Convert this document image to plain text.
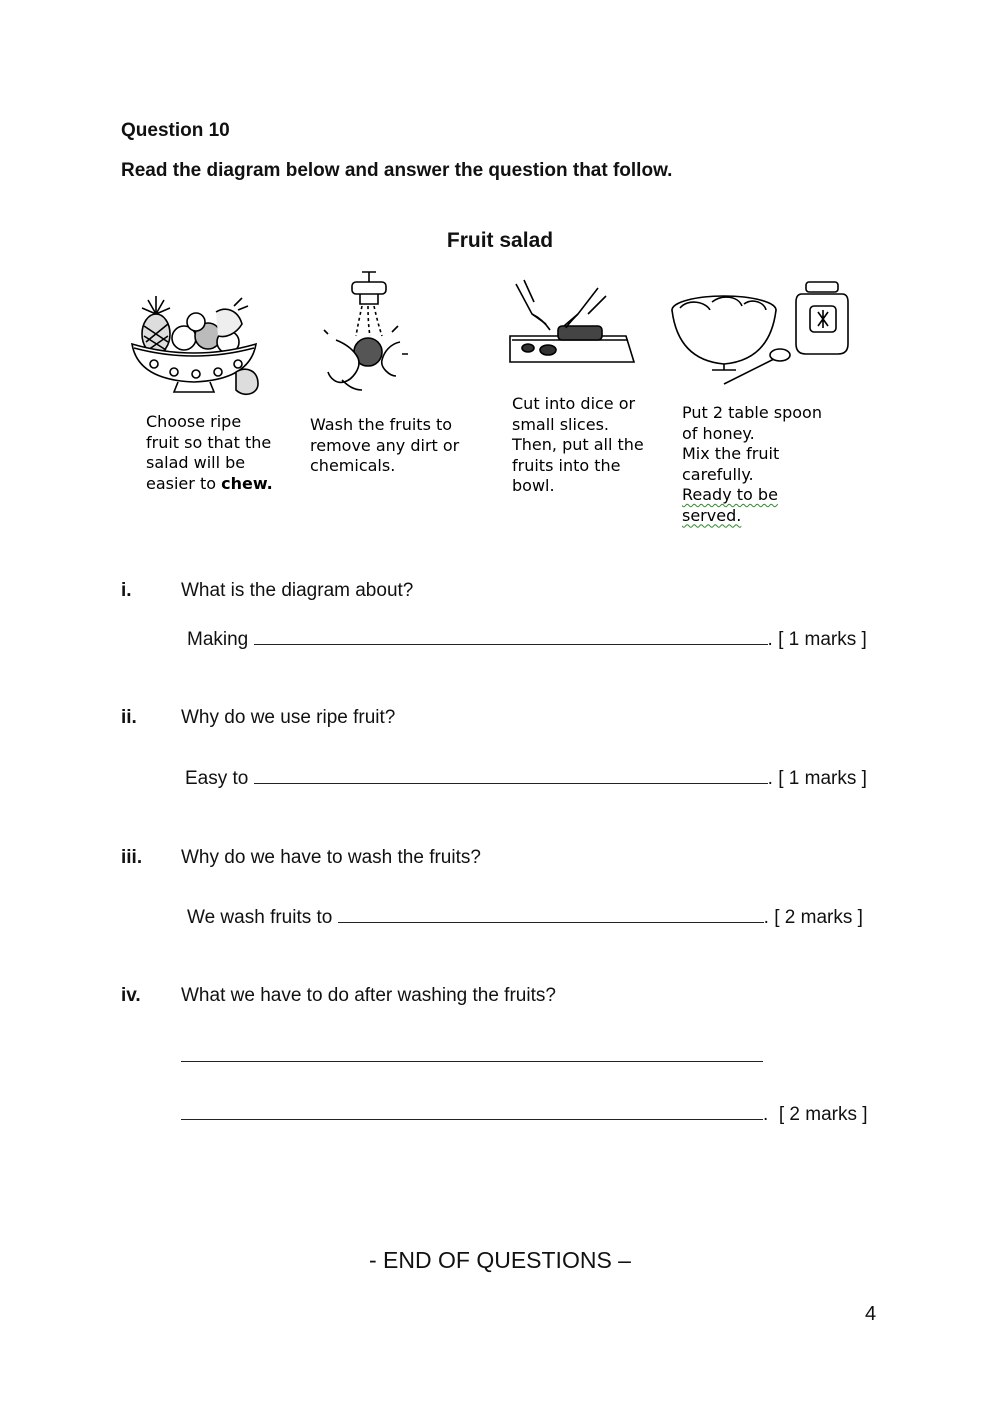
Question 10
Read the diagram below and answer the question that follow.
Fruit salad
Choose ripe
fruit so that the
salad will be
easier to chew.
Wash the fruits to
remove any dirt or
chemicals.
Cut into dice or
small slices.
Then, put all the
fruits into the
bowl.
Put 2 table spoon
of honey.
Mix the fruit
carefully.
Ready to be
served.
i.	What is the diagram about?
Making	. [ 1 marks ]
ii. Why do we use ripe fruit?
Easy to	. [ 1 marks ]
iii. Why do we have to wash the fruits?
We wash fruits to	. [ 2 marks ]
iv. What we have to do after washing the fruits?
.  [ 2 marks ]
- END OF QUESTIONS –
4
